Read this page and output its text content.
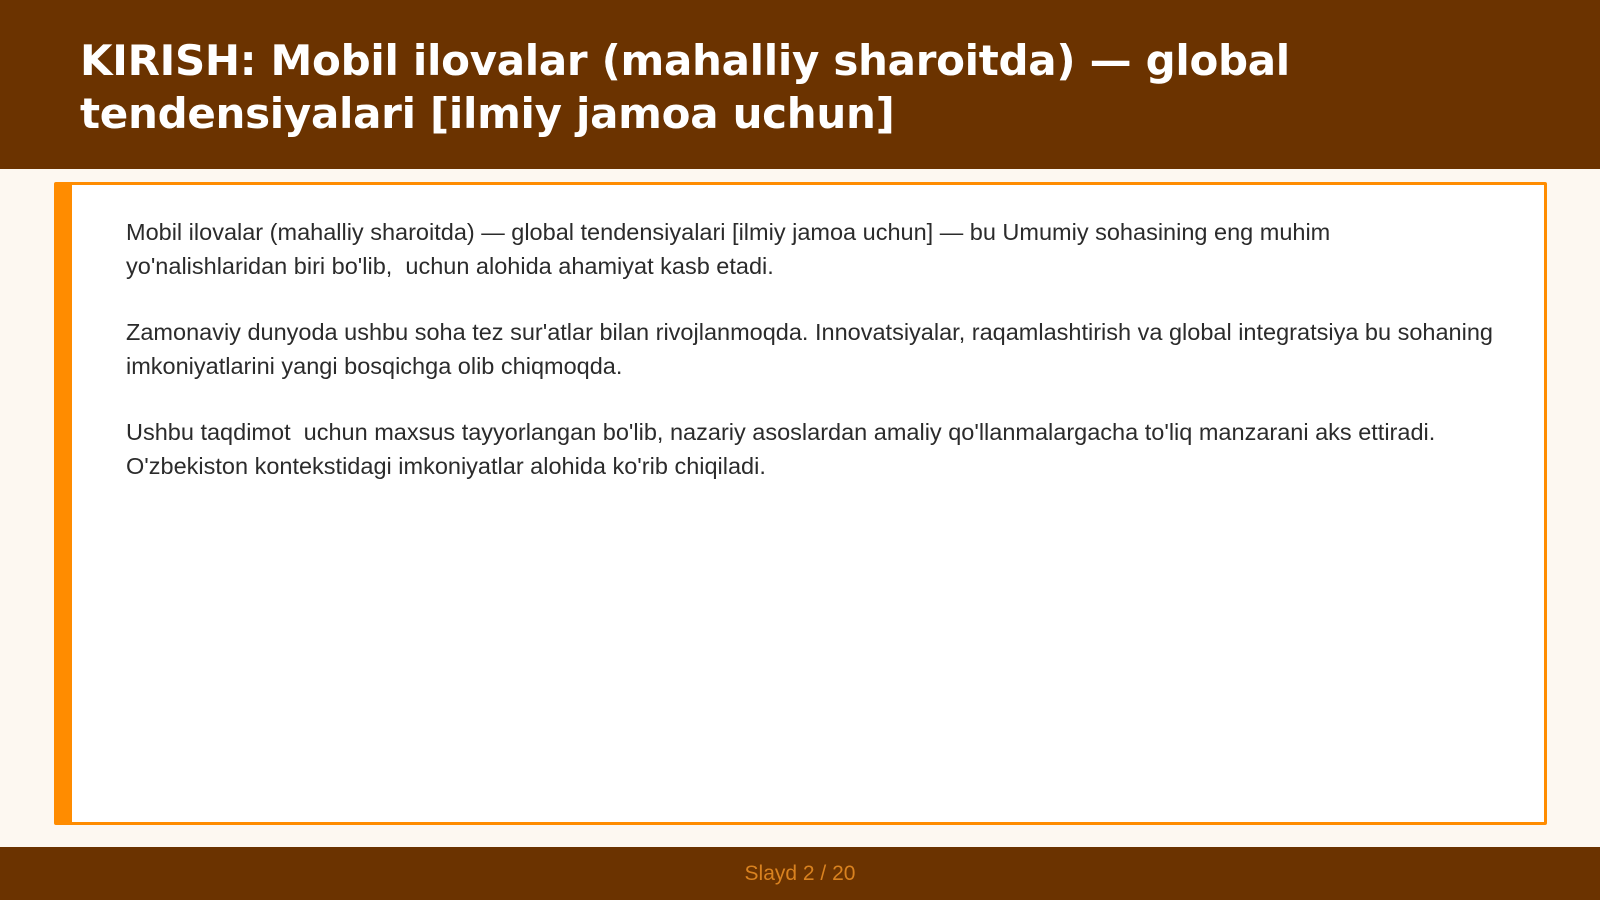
KIRISH: Mobil ilovalar (mahalliy sharoitda) — global tendensiyalari [ilmiy jamoa uchun]

Mobil ilovalar (mahalliy sharoitda) — global tendensiyalari [ilmiy jamoa uchun] — bu Umumiy sohasining eng muhim yo'nalishlaridan biri bo'lib,  uchun alohida ahamiyat kasb etadi.

Zamonaviy dunyoda ushbu soha tez sur'atlar bilan rivojlanmoqda. Innovatsiyalar, raqamlashtirish va global integratsiya bu sohaning imkoniyatlarini yangi bosqichga olib chiqmoqda.

Ushbu taqdimot  uchun maxsus tayyorlangan bo'lib, nazariy asoslardan amaliy qo'llanmalargacha to'liq manzarani aks ettiradi. O'zbekiston kontekstidagi imkoniyatlar alohida ko'rib chiqiladi.

Slayd 2 / 20
